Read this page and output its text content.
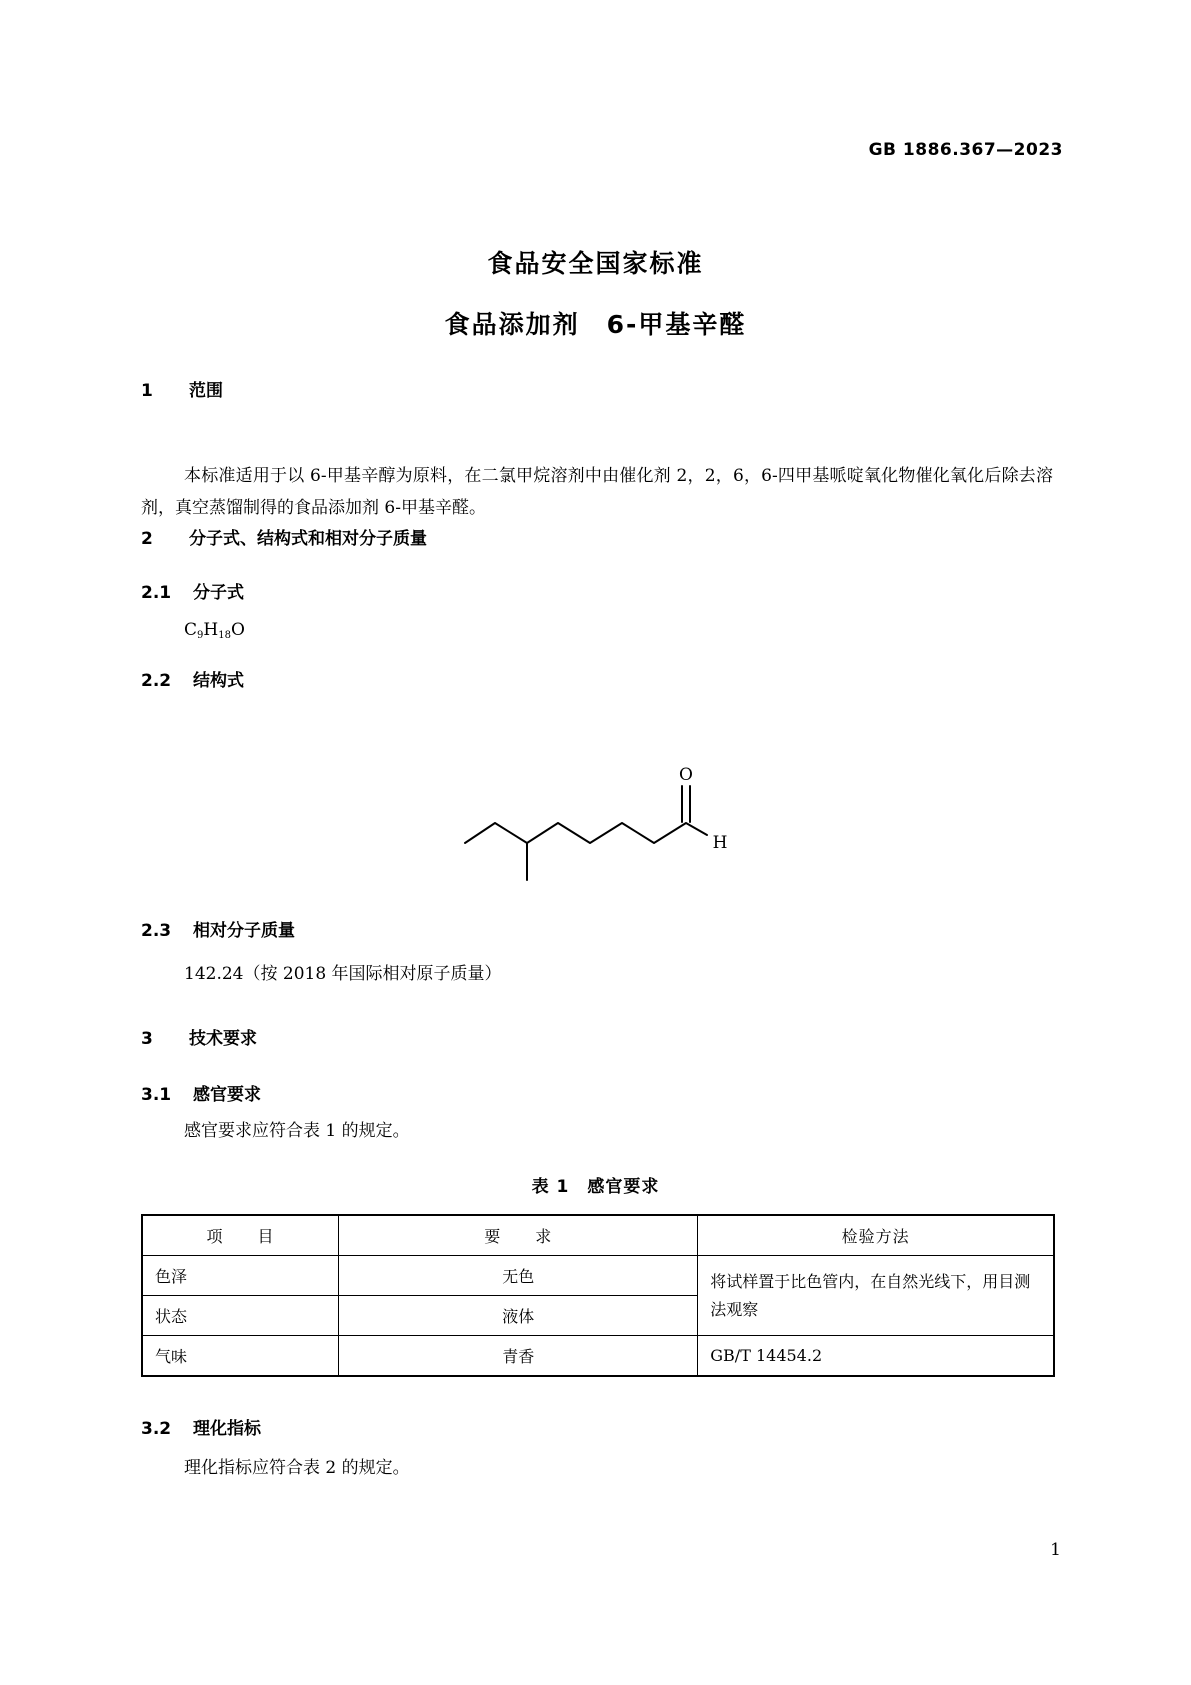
GB 1886.367—2023
食品安全国家标准
食品添加剂　6-甲基辛醛
1 范围
本标准适用于以 6-甲基辛醇为原料，在二氯甲烷溶剂中由催化剂 2，2，6，6-四甲基哌啶氧化物催化氧化后除去溶剂，真空蒸馏制得的食品添加剂 6-甲基辛醛。
2 分子式、结构式和相对分子质量
2.1 分子式
$C_9H_{18}O$
2.2 结构式
O
H
2.3 相对分子质量
142.24（按 2018 年国际相对原子质量）
3 技术要求
3.1 感官要求
感官要求应符合表 1 的规定。
表 1　感官要求
项　　目	要　　求	检验方法
色泽	无色	将试样置于比色管内，在自然光线下，用目测法观察
状态	液体	
气味	青香	GB/T 14454.2
3.2 理化指标
理化指标应符合表 2 的规定。
1
